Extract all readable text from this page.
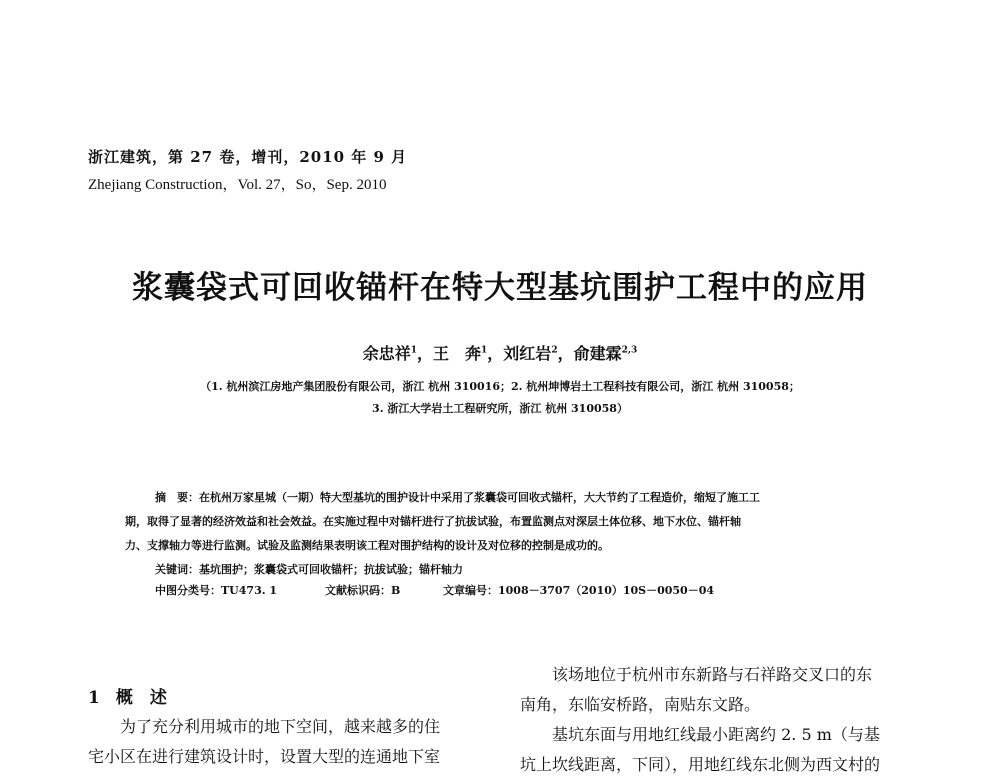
浙江建筑，第 27 卷，增刊，2010 年 9 月
Zhejiang Construction，Vol. 27，So，Sep. 2010
浆囊袋式可回收锚杆在特大型基坑围护工程中的应用
余忠祥$^1$，王　奔$^1$，刘红岩$^2$，俞建霖$^{2,3}$
（1. 杭州滨江房地产集团股份有限公司，浙江 杭州 310016；2. 杭州坤博岩土工程科技有限公司，浙江 杭州 310058；
3. 浙江大学岩土工程研究所，浙江 杭州 310058）
摘　要：在杭州万家星城（一期）特大型基坑的围护设计中采用了浆囊袋可回收式锚杆，大大节约了工程造价，缩短了施工工
期，取得了显著的经济效益和社会效益。在实施过程中对锚杆进行了抗拔试验，布置监测点对深层土体位移、地下水位、锚杆轴
力、支撑轴力等进行监测。试验及监测结果表明该工程对围护结构的设计及对位移的控制是成功的。
关键词：基坑围护；浆囊袋式可回收锚杆；抗拔试验；锚杆轴力
中图分类号：TU473. 1	文献标识码：B	文章编号：1008－3707（2010）10S－0050－04
1 概　述
为了充分利用城市的地下空间，越来越多的住
宅小区在进行建筑设计时，设置大型的连通地下室
该场地位于杭州市东新路与石祥路交叉口的东
南角，东临安桥路，南贴东文路。
基坑东面与用地红线最小距离约 2. 5 m（与基
坑上坎线距离，下同），用地红线东北侧为西文村的
